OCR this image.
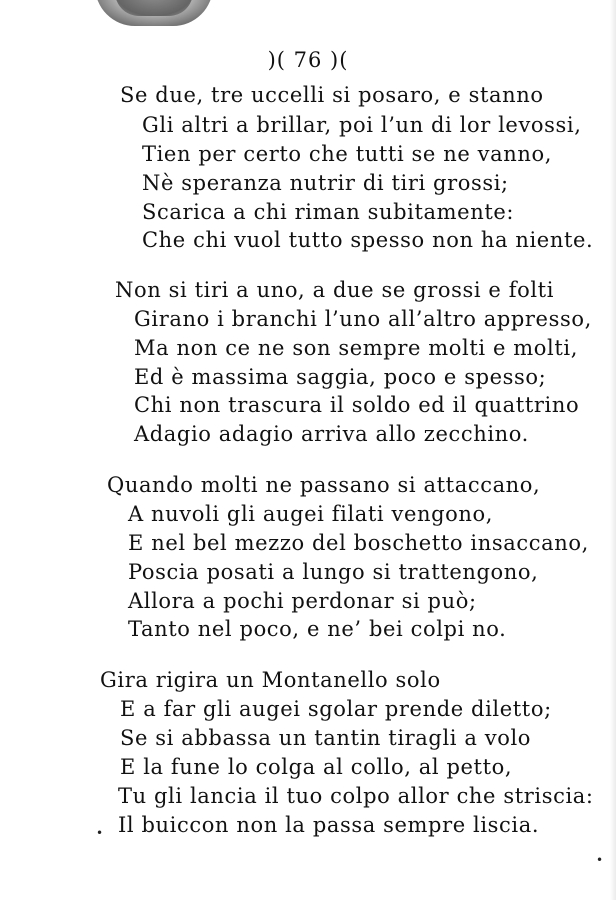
)( 76 )(
Se due, tre uccelli si posaro, e stanno
Gli altri a brillar, poi l’un di lor levossi,
Tien per certo che tutti se ne vanno,
Nè speranza nutrir di tiri grossi;
Scarica a chi riman subitamente:
Che chi vuol tutto spesso non ha niente.
Non si tiri a uno, a due se grossi e folti
Girano i branchi l’uno all’altro appresso,
Ma non ce ne son sempre molti e molti,
Ed è massima saggia, poco e spesso;
Chi non trascura il soldo ed il quattrino
Adagio adagio arriva allo zecchino.
Quando molti ne passano si attaccano,
A nuvoli gli augei filati vengono,
E nel bel mezzo del boschetto insaccano,
Poscia posati a lungo si trattengono,
Allora a pochi perdonar si può;
Tanto nel poco, e ne’ bei colpi no.
Gira rigira un Montanello solo
E a far gli augei sgolar prende diletto;
Se si abbassa un tantin tiragli a volo
E la fune lo colga al collo, al petto,
Tu gli lancia il tuo colpo allor che striscia:
Il buiccon non la passa sempre liscia.
•
•
